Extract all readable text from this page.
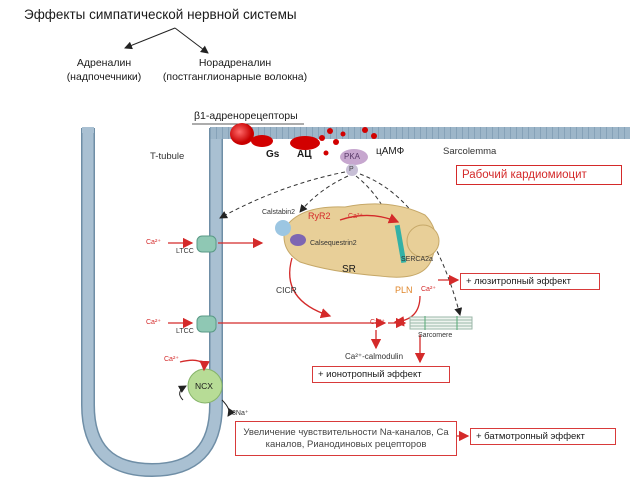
Эффекты симпатической нервной системы
Адреналин
(надпочечники)
Норадреналин
(постганглионарные волокна)
β1-адренорецепторы
T-tubule	Sarcolemma
Gs АЦ	цАМФ
PKA
P
Ca²⁺
LTCC
Ca²⁺
LTCC
Ca²⁺
NCX
3Na⁺
Calstabin2 RyR2
Calsequestrin2
Ca²⁺
SR
SERCA2a
PLN Ca²⁺
CICR
Ca²⁺
Sarcomere
Ca²⁺-calmodulin
Рабочий кардиомиоцит
+ люзитропный эффект
+ ионотропный эффект
+ батмотропный эффект
Увеличение чувствительности Na-каналов, Ca каналов, Рианодиновых рецепторов
